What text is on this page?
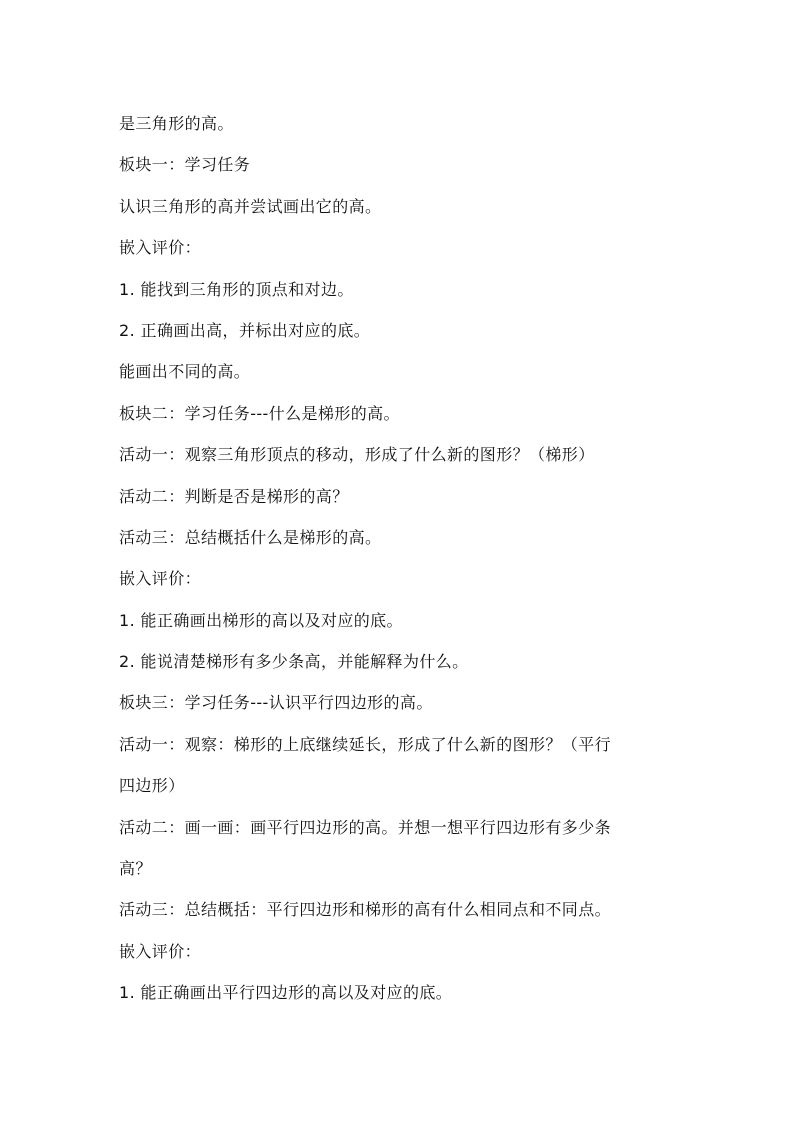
是三角形的高。
板块一：学习任务
认识三角形的高并尝试画出它的高。
嵌入评价：
1. 能找到三角形的顶点和对边。
2. 正确画出高，并标出对应的底。
能画出不同的高。
板块二：学习任务---什么是梯形的高。
活动一：观察三角形顶点的移动，形成了什么新的图形？（梯形）
活动二：判断是否是梯形的高？
活动三：总结概括什么是梯形的高。
嵌入评价：
1. 能正确画出梯形的高以及对应的底。
2. 能说清楚梯形有多少条高，并能解释为什么。
板块三：学习任务---认识平行四边形的高。
活动一：观察：梯形的上底继续延长，形成了什么新的图形？（平行
四边形）
活动二：画一画：画平行四边形的高。并想一想平行四边形有多少条
高？
活动三：总结概括：平行四边形和梯形的高有什么相同点和不同点。
嵌入评价：
1. 能正确画出平行四边形的高以及对应的底。
